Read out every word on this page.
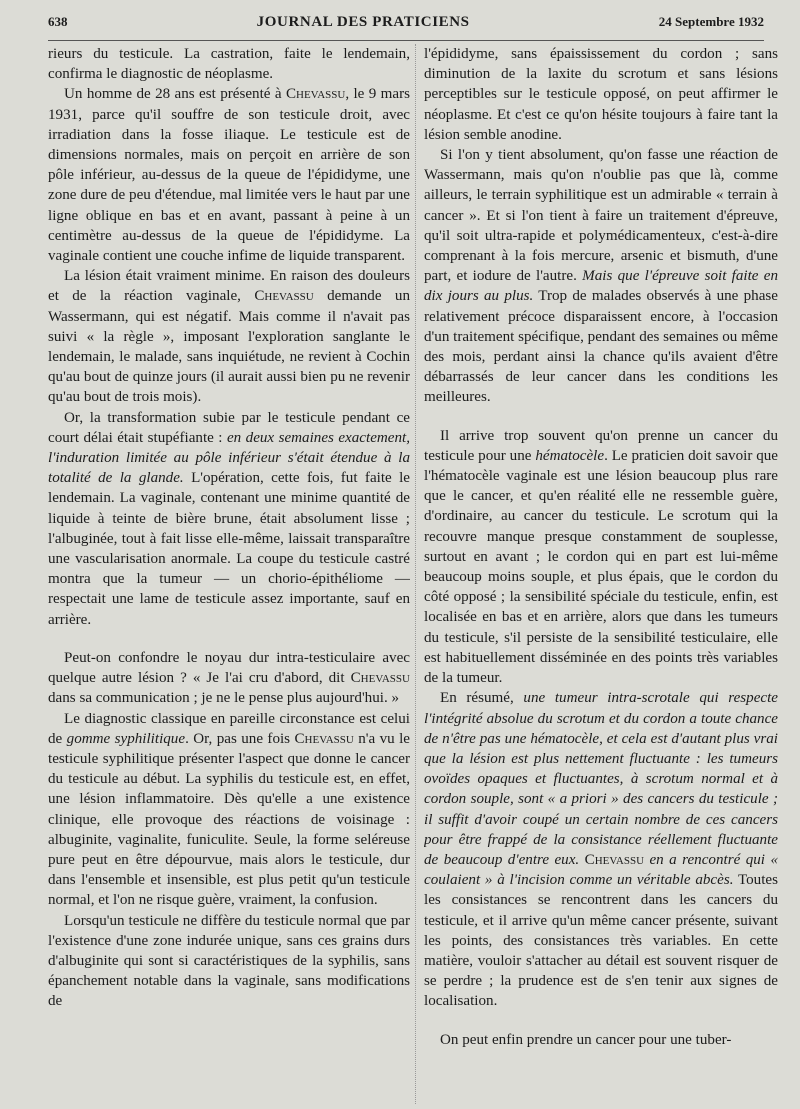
638	JOURNAL DES PRATICIENS	24 Septembre 1932

rieurs du testicule. La castration, faite le lendemain, confirma le diagnostic de néoplasme.

Un homme de 28 ans est présenté à Chevassu, le 9 mars 1931, parce qu'il souffre de son testicule droit, avec irradiation dans la fosse iliaque. Le testicule est de dimensions normales, mais on perçoit en arrière de son pôle inférieur, au-dessus de la queue de l'épididyme, une zone dure de peu d'étendue, mal limitée vers le haut par une ligne oblique en bas et en avant, passant à peine à un centimètre au-dessus de la queue de l'épididyme. La vaginale contient une couche infime de liquide transparent.

La lésion était vraiment minime. En raison des douleurs et de la réaction vaginale, Chevassu demande un Wassermann, qui est négatif. Mais comme il n'avait pas suivi « la règle », imposant l'exploration sanglante le lendemain, le malade, sans inquiétude, ne revient à Cochin qu'au bout de quinze jours (il aurait aussi bien pu ne revenir qu'au bout de trois mois).

Or, la transformation subie par le testicule pendant ce court délai était stupéfiante : en deux semaines exactement, l'induration limitée au pôle inférieur s'était étendue à la totalité de la glande. L'opération, cette fois, fut faite le lendemain. La vaginale, contenant une minime quantité de liquide à teinte de bière brune, était absolument lisse ; l'albuginée, tout à fait lisse elle-même, laissait transparaître une vascularisation anormale. La coupe du testicule castré montra que la tumeur — un chorio-épithéliome — respectait une lame de testicule assez importante, sauf en arrière.

Peut-on confondre le noyau dur intra-testiculaire avec quelque autre lésion ? « Je l'ai cru d'abord, dit Chevassu dans sa communication ; je ne le pense plus aujourd'hui. »

Le diagnostic classique en pareille circonstance est celui de gomme syphilitique. Or, pas une fois Chevassu n'a vu le testicule syphilitique présenter l'aspect que donne le cancer du testicule au début. La syphilis du testicule est, en effet, une lésion inflammatoire. Dès qu'elle a une existence clinique, elle provoque des réactions de voisinage : albuginite, vaginalite, funiculite. Seule, la forme seléreuse pure peut en être dépourvue, mais alors le testicule, dur dans l'ensemble et insensible, est plus petit qu'un testicule normal, et l'on ne risque guère, vraiment, la confusion.

Lorsqu'un testicule ne diffère du testicule normal que par l'existence d'une zone indurée unique, sans ces grains durs d'albuginite qui sont si caractéristiques de la syphilis, sans épanchement notable dans la vaginale, sans modifications de

l'épididyme, sans épaississement du cordon ; sans diminution de la laxite du scrotum et sans lésions perceptibles sur le testicule opposé, on peut affirmer le néoplasme. Et c'est ce qu'on hésite toujours à faire tant la lésion semble anodine.

Si l'on y tient absolument, qu'on fasse une réaction de Wassermann, mais qu'on n'oublie pas que là, comme ailleurs, le terrain syphilitique est un admirable « terrain à cancer ». Et si l'on tient à faire un traitement d'épreuve, qu'il soit ultra-rapide et polymédicamenteux, c'est-à-dire comprenant à la fois mercure, arsenic et bismuth, d'une part, et iodure de l'autre. Mais que l'épreuve soit faite en dix jours au plus. Trop de malades observés à une phase relativement précoce disparaissent encore, à l'occasion d'un traitement spécifique, pendant des semaines ou même des mois, perdant ainsi la chance qu'ils avaient d'être débarrassés de leur cancer dans les conditions les meilleures.

Il arrive trop souvent qu'on prenne un cancer du testicule pour une hématocèle. Le praticien doit savoir que l'hématocèle vaginale est une lésion beaucoup plus rare que le cancer, et qu'en réalité elle ne ressemble guère, d'ordinaire, au cancer du testicule. Le scrotum qui la recouvre manque presque constamment de souplesse, surtout en avant ; le cordon qui en part est lui-même beaucoup moins souple, et plus épais, que le cordon du côté opposé ; la sensibilité spéciale du testicule, enfin, est localisée en bas et en arrière, alors que dans les tumeurs du testicule, s'il persiste de la sensibilité testiculaire, elle est habituellement disséminée en des points très variables de la tumeur.

En résumé, une tumeur intra-scrotale qui respecte l'intégrité absolue du scrotum et du cordon a toute chance de n'être pas une hématocèle, et cela est d'autant plus vrai que la lésion est plus nettement fluctuante : les tumeurs ovoïdes opaques et fluctuantes, à scrotum normal et à cordon souple, sont « a priori » des cancers du testicule ; il suffit d'avoir coupé un certain nombre de ces cancers pour être frappé de la consistance réellement fluctuante de beaucoup d'entre eux. Chevassu en a rencontré qui « coulaient » à l'incision comme un véritable abcès. Toutes les consistances se rencontrent dans les cancers du testicule, et il arrive qu'un même cancer présente, suivant les points, des consistances très variables. En cette matière, vouloir s'attacher au détail est souvent risquer de se perdre ; la prudence est de s'en tenir aux signes de localisation.

On peut enfin prendre un cancer pour une tuber-
